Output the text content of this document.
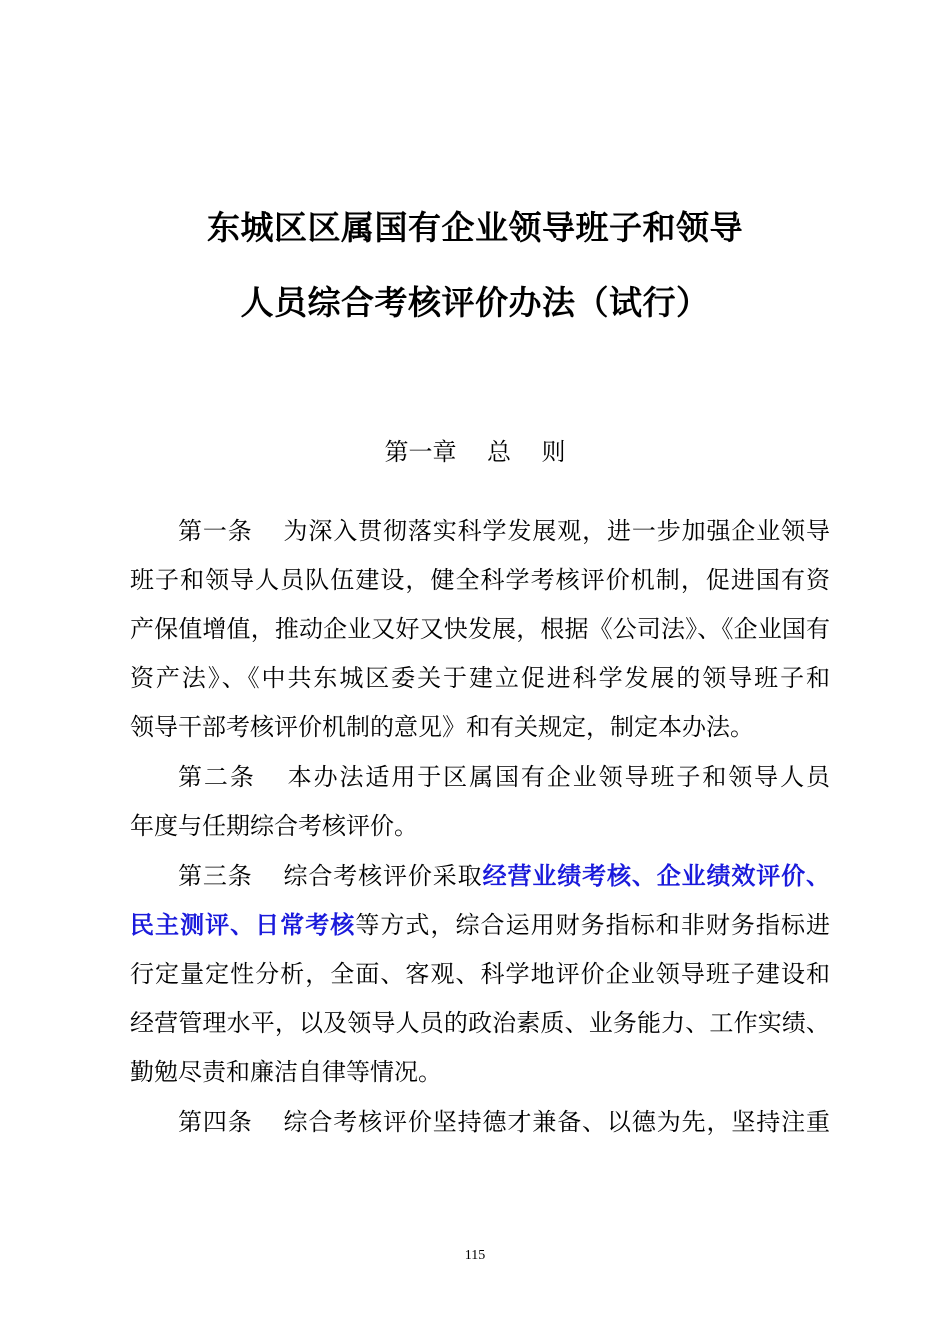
东城区区属国有企业领导班子和领导
人员综合考核评价办法（试行）
第一章    总    则
第一条 为深入贯彻落实科学发展观，进一步加强企业领导
班子和领导人员队伍建设，健全科学考核评价机制，促进国有资
产保值增值，推动企业又好又快发展，根据《公司法》、《企业国有
资产法》、《中共东城区委关于建立促进科学发展的领导班子和
领导干部考核评价机制的意见》和有关规定，制定本办法。
第二条 本办法适用于区属国有企业领导班子和领导人员
年度与任期综合考核评价。
第三条 综合考核评价采取经营业绩考核、企业绩效评价、
民主测评、日常考核等方式，综合运用财务指标和非财务指标进
行定量定性分析，全面、客观、科学地评价企业领导班子建设和
经营管理水平，以及领导人员的政治素质、业务能力、工作实绩、
勤勉尽责和廉洁自律等情况。
第四条 综合考核评价坚持德才兼备、以德为先，坚持注重
115
